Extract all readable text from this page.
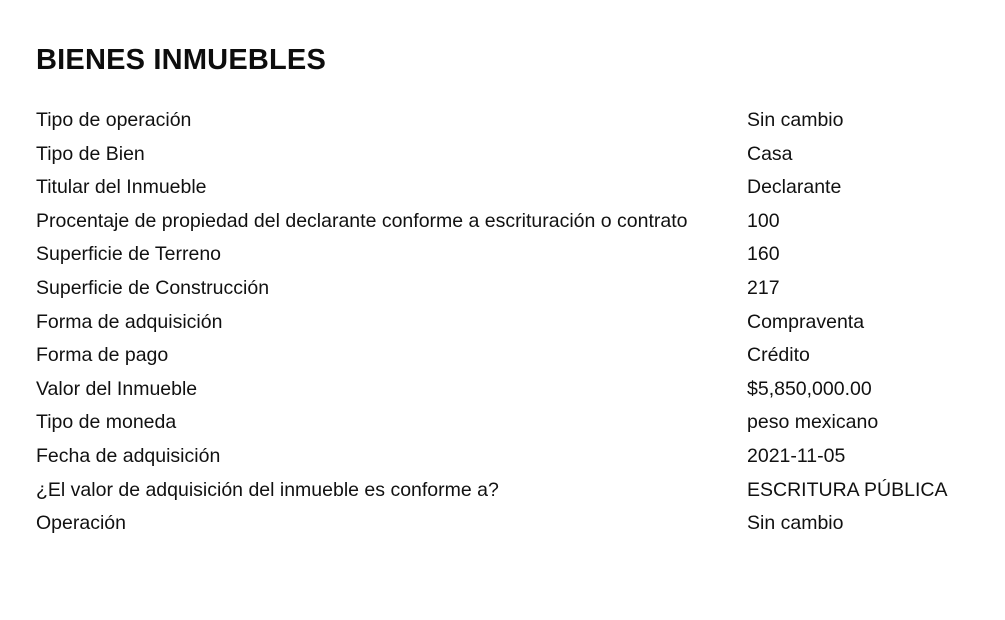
BIENES INMUEBLES
Tipo de operación	Sin cambio
Tipo de Bien	Casa
Titular del Inmueble	Declarante
Procentaje de propiedad del declarante conforme a escrituración o contrato	100
Superficie de Terreno	160
Superficie de Construcción	217
Forma de adquisición	Compraventa
Forma de pago	Crédito
Valor del Inmueble	$5,850,000.00
Tipo de moneda	peso mexicano
Fecha de adquisición	2021-11-05
¿El valor de adquisición del inmueble es conforme a?	ESCRITURA PÚBLICA
Operación	Sin cambio
